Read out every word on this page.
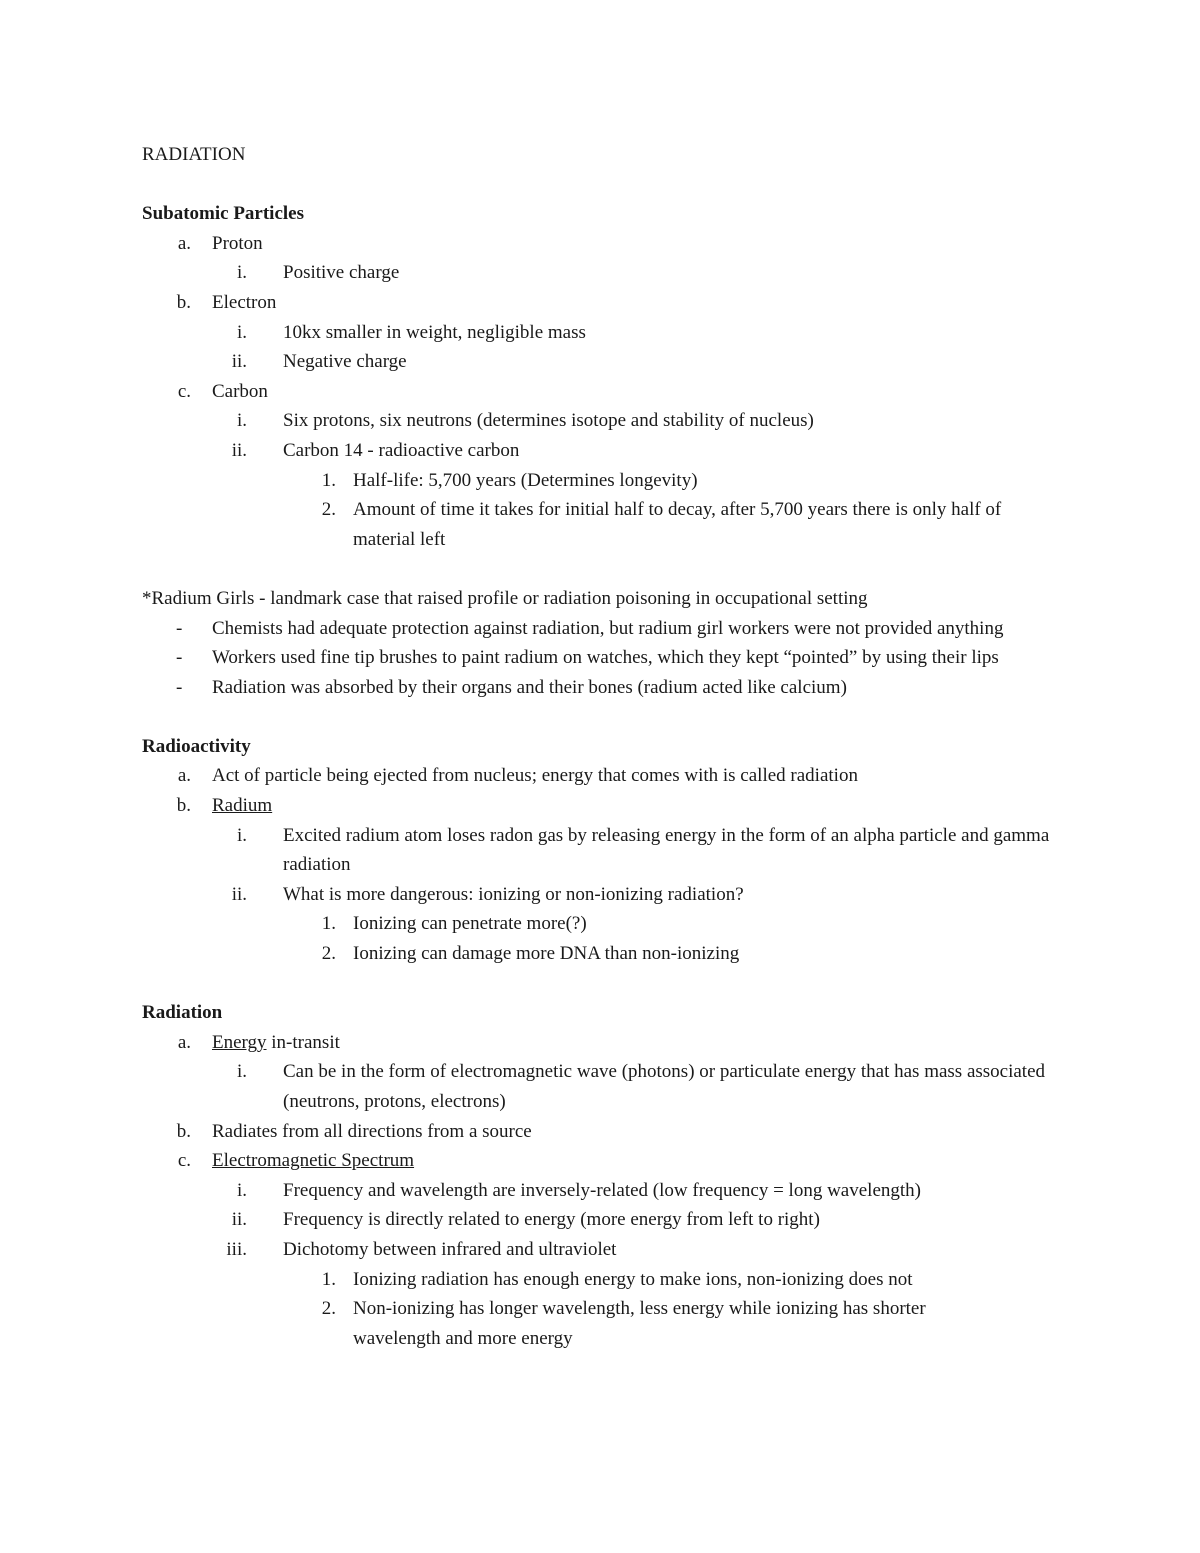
RADIATION
Subatomic Particles
a. Proton
i. Positive charge
b. Electron
i. 10kx smaller in weight, negligible mass
ii. Negative charge
c. Carbon
i. Six protons, six neutrons (determines isotope and stability of nucleus)
ii. Carbon 14 - radioactive carbon
1. Half-life: 5,700 years (Determines longevity)
2. Amount of time it takes for initial half to decay, after 5,700 years there is only half of material left
*Radium Girls - landmark case that raised profile or radiation poisoning in occupational setting
- Chemists had adequate protection against radiation, but radium girl workers were not provided anything
- Workers used fine tip brushes to paint radium on watches, which they kept “pointed” by using their lips
- Radiation was absorbed by their organs and their bones (radium acted like calcium)
Radioactivity
a. Act of particle being ejected from nucleus; energy that comes with is called radiation
b. Radium
i. Excited radium atom loses radon gas by releasing energy in the form of an alpha particle and gamma radiation
ii. What is more dangerous: ionizing or non-ionizing radiation?
1. Ionizing can penetrate more(?)
2. Ionizing can damage more DNA than non-ionizing
Radiation
a. Energy in-transit
i. Can be in the form of electromagnetic wave (photons) or particulate energy that has mass associated (neutrons, protons, electrons)
b. Radiates from all directions from a source
c. Electromagnetic Spectrum
i. Frequency and wavelength are inversely-related (low frequency = long wavelength)
ii. Frequency is directly related to energy (more energy from left to right)
iii. Dichotomy between infrared and ultraviolet
1. Ionizing radiation has enough energy to make ions, non-ionizing does not
2. Non-ionizing has longer wavelength, less energy while ionizing has shorter wavelength and more energy
